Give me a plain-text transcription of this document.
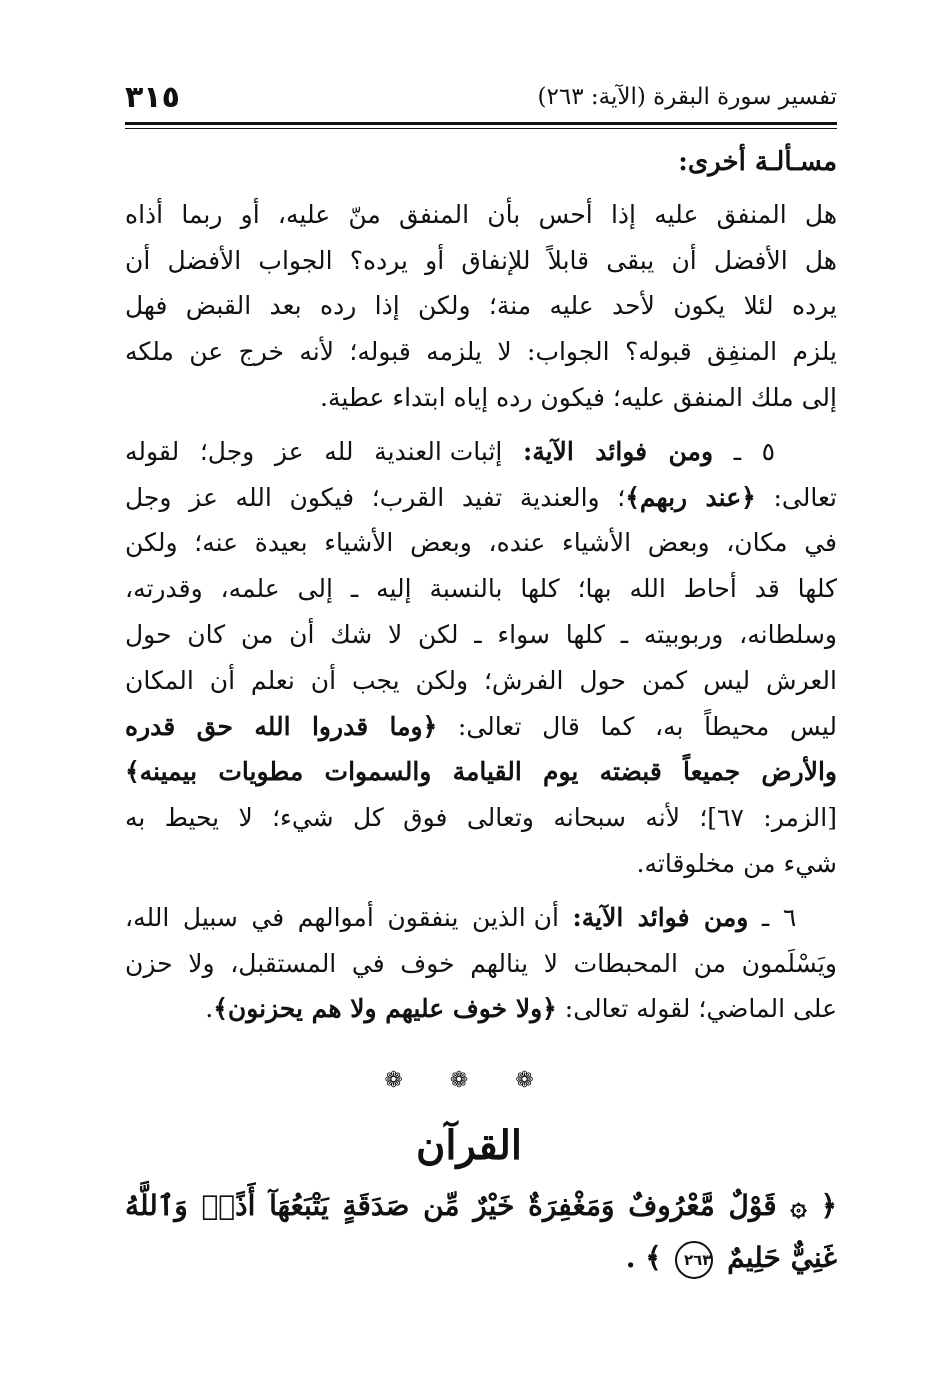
٣١٥	تفسير سورة البقرة (الآية: ٢٦٣)
مسـألـة أخرى:
هل المنفق عليه إذا أحس بأن المنفق منّ عليه، أو ربما أذاه
هل الأفضل أن يبقى قابلاً للإنفاق أو يرده؟ الجواب الأفضل أن
يرده لئلا يكون لأحد عليه منة؛ ولكن إذا رده بعد القبض فهل
يلزم المنفِق قبوله؟ الجواب: لا يلزمه قبوله؛ لأنه خرج عن ملكه
إلى ملك المنفق عليه؛ فيكون رده إياه ابتداء عطية.
٥ ـ ومن فوائد الآية: إثبات العندية لله عز وجل؛ لقوله
تعالى: ﴿عند ربهم﴾؛ والعندية تفيد القرب؛ فيكون الله عز وجل
في مكان، وبعض الأشياء عنده، وبعض الأشياء بعيدة عنه؛ ولكن
كلها قد أحاط الله بها؛ كلها بالنسبة إليه ـ إلى علمه، وقدرته،
وسلطانه، وربوبيته ـ كلها سواء ـ لكن لا شك أن من كان حول
العرش ليس كمن حول الفرش؛ ولكن يجب أن نعلم أن المكان
ليس محيطاً به، كما قال تعالى: ﴿وما قدروا الله حق قدره
والأرض جميعاً قبضته يوم القيامة والسموات مطويات بيمينه﴾
[الزمر: ٦٧]؛ لأنه سبحانه وتعالى فوق كل شيء؛ لا يحيط به
شيء من مخلوقاته.
٦ ـ ومن فوائد الآية: أن الذين ينفقون أموالهم في سبيل الله،
ويَسْلَمون من المحبطات لا ينالهم خوف في المستقبل، ولا حزن
على الماضي؛ لقوله تعالى: ﴿ولا خوف عليهم ولا هم يحزنون﴾.
❁ ❁ ❁
القرآن
﴿ ۞ قَوْلٌ مَّعْرُوفٌ وَمَغْفِرَةٌ خَيْرٌ مِّن صَدَقَةٍ يَتْبَعُهَآ أَذًىۗ وَٱللَّهُ
غَنِيٌّ حَلِيمٌ ٢٦٣ ﴾ .
